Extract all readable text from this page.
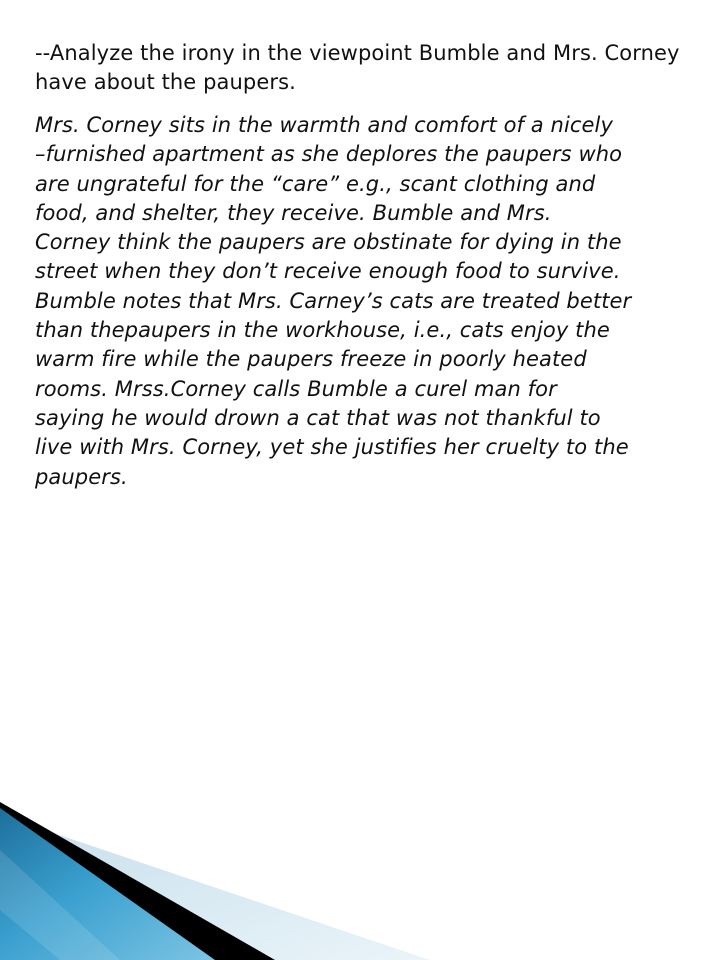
--Analyze the irony in the viewpoint Bumble and Mrs. Corney have about the paupers.

Mrs. Corney sits in the warmth and comfort of a nicely
–furnished apartment as she deplores the paupers who
are ungrateful for the “care” e.g., scant clothing and
food, and shelter, they receive. Bumble and Mrs.
Corney think the paupers are obstinate for dying in the
street when they don’t receive enough food to survive.
Bumble notes that Mrs. Carney’s cats are treated better
than thepaupers in the workhouse, i.e., cats enjoy the
warm fire while the paupers freeze in poorly heated
rooms. Mrss.Corney calls Bumble a curel man for
saying he would drown a cat that was not thankful to
live with Mrs. Corney, yet she justifies her cruelty to the
paupers.
